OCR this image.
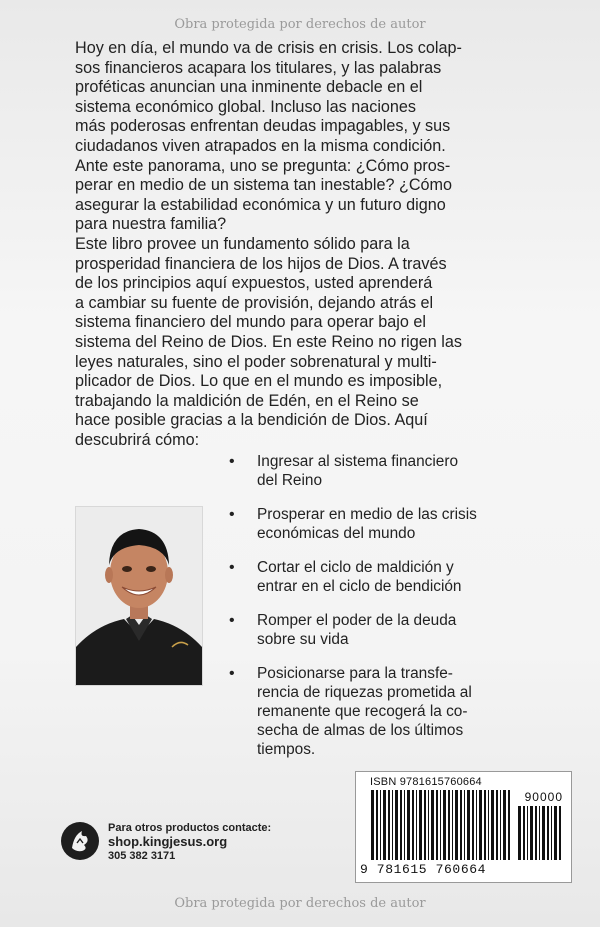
Obra protegida por derechos de autor
Hoy en día, el mundo va de crisis en crisis. Los colap-
sos financieros acapara los titulares, y las palabras
proféticas anuncian una inminente debacle en el
sistema económico global. Incluso las naciones
más poderosas enfrentan deudas impagables, y sus
ciudadanos viven atrapados en la misma condición.
Ante este panorama, uno se pregunta: ¿Cómo pros-
perar en medio de un sistema tan inestable? ¿Cómo
asegurar la estabilidad económica y un futuro digno
para nuestra familia?
Este libro provee un fundamento sólido para la
prosperidad financiera de los hijos de Dios. A través
de los principios aquí expuestos, usted aprenderá
a cambiar su fuente de provisión, dejando atrás el
sistema financiero del mundo para operar bajo el
sistema del Reino de Dios. En este Reino no rigen las
leyes naturales, sino el poder sobrenatural y multi-
plicador de Dios. Lo que en el mundo es imposible,
trabajando la maldición de Edén, en el Reino se
hace posible gracias a la bendición de Dios. Aquí
descubrirá cómo:
• Ingresar al sistema financiero
del Reino
• Prosperar en medio de las crisis
económicas del mundo
• Cortar el ciclo de maldición y
entrar en el ciclo de bendición
• Romper el poder de la deuda
sobre su vida
• Posicionarse para la transfe-
rencia de riquezas prometida al
remanente que recogerá la co-
secha de almas de los últimos
tiempos.
Para otros productos contacte:
shop.kingjesus.org
305 382 3171
ISBN 9781615760664
90000
9 781615 760664
Obra protegida por derechos de autor
